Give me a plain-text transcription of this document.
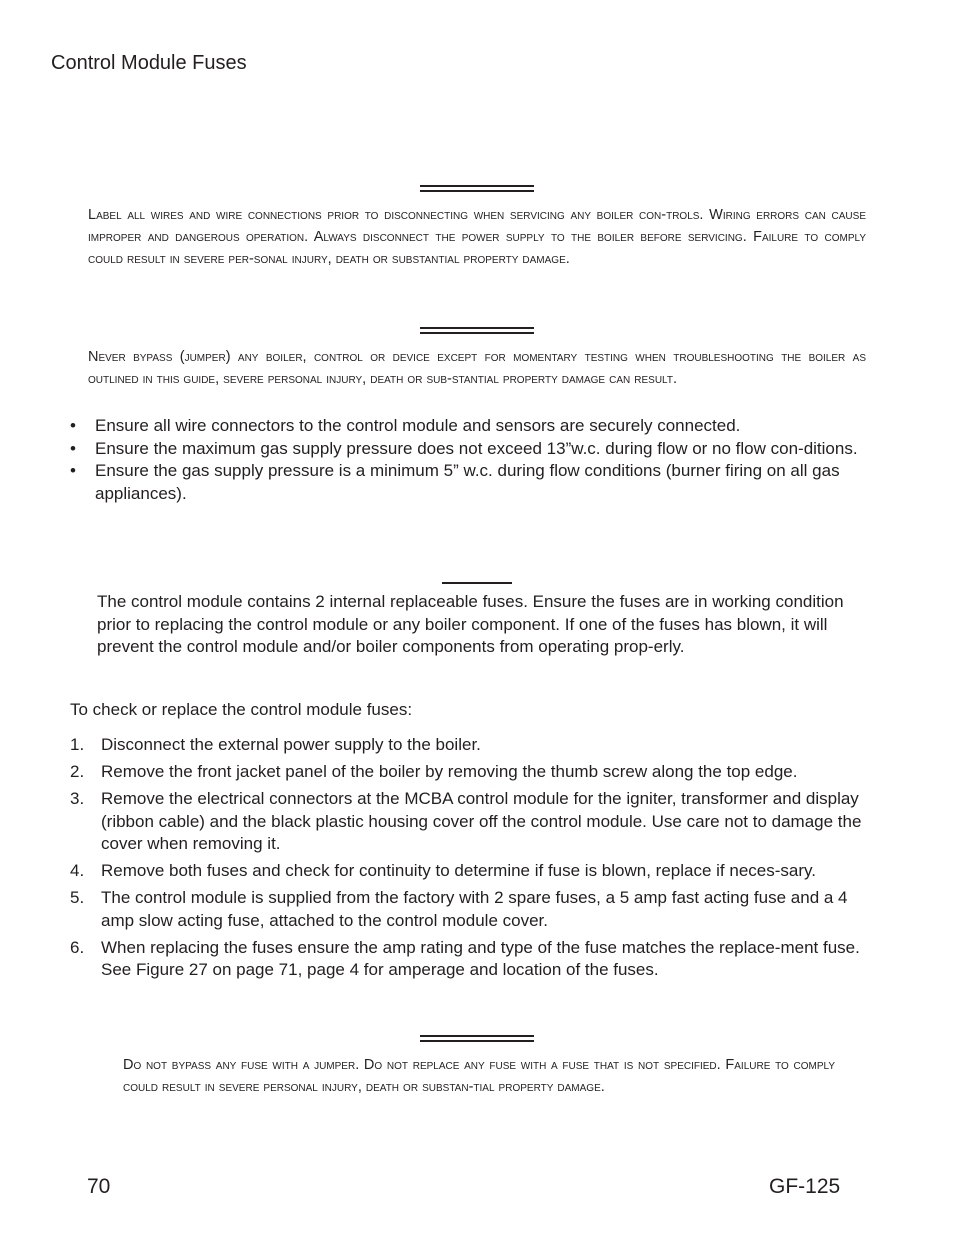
Control Module Fuses

Label all wires and wire connections prior to disconnecting when servicing any boiler con-trols. Wiring errors can cause improper and dangerous operation. Always disconnect the power supply to the boiler before servicing. Failure to comply could result in severe per-sonal injury, death or substantial property damage.

Never bypass (jumper) any boiler, control or device except for momentary testing when troubleshooting the boiler as outlined in this guide, severe personal injury, death or sub-stantial property damage can result.

• Ensure all wire connectors to the control module and sensors are securely connected.
• Ensure the maximum gas supply pressure does not exceed 13”w.c. during flow or no flow con-ditions.
• Ensure the gas supply pressure is a minimum 5” w.c. during flow conditions (burner firing on all gas appliances).

The control module contains 2 internal replaceable fuses. Ensure the fuses are in working condition prior to replacing the control module or any boiler component. If one of the fuses has blown, it will prevent the control module and/or boiler components from operating prop-erly.

To check or replace the control module fuses:

1. Disconnect the external power supply to the boiler.
2. Remove the front jacket panel of the boiler by removing the thumb screw along the top edge.
3. Remove the electrical connectors at the MCBA control module for the igniter, transformer and display (ribbon cable) and the black plastic housing cover off the control module. Use care not to damage the cover when removing it.
4. Remove both fuses and check for continuity to determine if fuse is blown, replace if neces-sary.
5. The control module is supplied from the factory with 2 spare fuses, a 5 amp fast acting fuse and a 4 amp slow acting fuse, attached to the control module cover.
6. When replacing the fuses ensure the amp rating and type of the fuse matches the replace-ment fuse. See Figure 27 on page 71, page 4 for amperage and location of the fuses.

Do not bypass any fuse with a jumper. Do not replace any fuse with a fuse that is not specified. Failure to comply could result in severe personal injury, death or substan-tial property damage.

70	GF-125
